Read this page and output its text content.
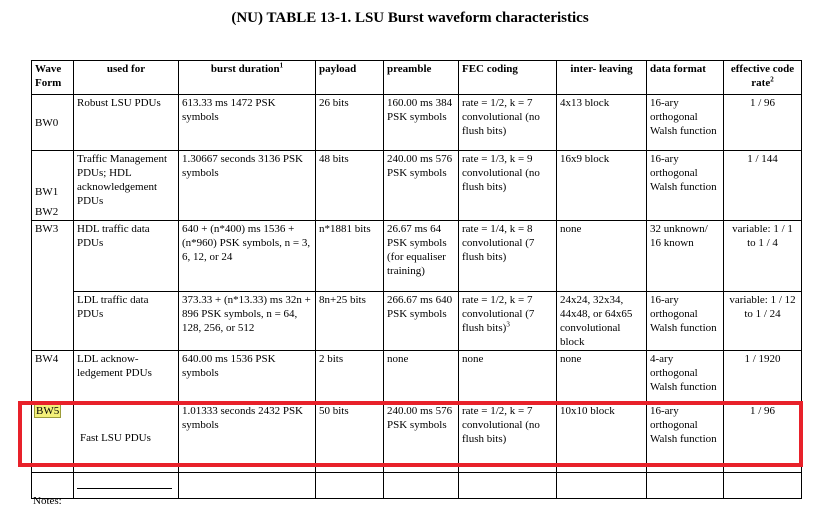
(NU) TABLE 13-1. LSU Burst waveform characteristics
Wave Form	used for	burst duration$^1$	payload	preamble	FEC coding	inter- leaving	data format	effective code rate$^2$
BW0	Robust LSU PDUs	613.33 ms 1472 PSK symbols	26 bits	160.00 ms 384 PSK symbols	rate = 1/2, k = 7 convolutional (no flush bits)	4x13 block	16-ary orthogonal Walsh function	1 / 96

BW1
BW2	Traffic Management PDUs; HDL acknowledgement PDUs	1.30667 seconds 3136 PSK symbols	48 bits	240.00 ms 576 PSK symbols	rate = 1/3, k = 9 convolutional (no flush bits)	16x9 block	16-ary orthogonal Walsh function	1 / 144
BW3	HDL traffic data PDUs	640 + (n*400) ms 1536 + (n*960) PSK symbols, n = 3, 6, 12, or 24	n*1881 bits	26.67 ms 64 PSK symbols (for equaliser training)	rate = 1/4, k = 8 convolutional (7 flush bits)	none	32 unknown/ 16 known	variable: 1 / 1 to 1 / 4
	LDL traffic data PDUs	373.33 + (n*13.33) ms 32n + 896 PSK symbols, n = 64, 128, 256, or 512	8n+25 bits	266.67 ms 640 PSK symbols	rate = 1/2, k = 7 convolutional (7 flush bits)$^3$	24x24, 32x34, 44x48, or 64x65 convolutional block	16-ary orthogonal Walsh function	variable: 1 / 12 to 1 / 24
BW4	LDL acknow- ledgement PDUs	640.00 ms 1536 PSK symbols	2 bits	none	none	none	4-ary orthogonal Walsh function	1 / 1920
BW5	Fast LSU PDUs	1.01333 seconds 2432 PSK symbols	50 bits	240.00 ms 576 PSK symbols	rate = 1/2, k = 7 convolutional (no flush bits)	10x10 block	16-ary orthogonal Walsh function	1 / 96

Notes:
